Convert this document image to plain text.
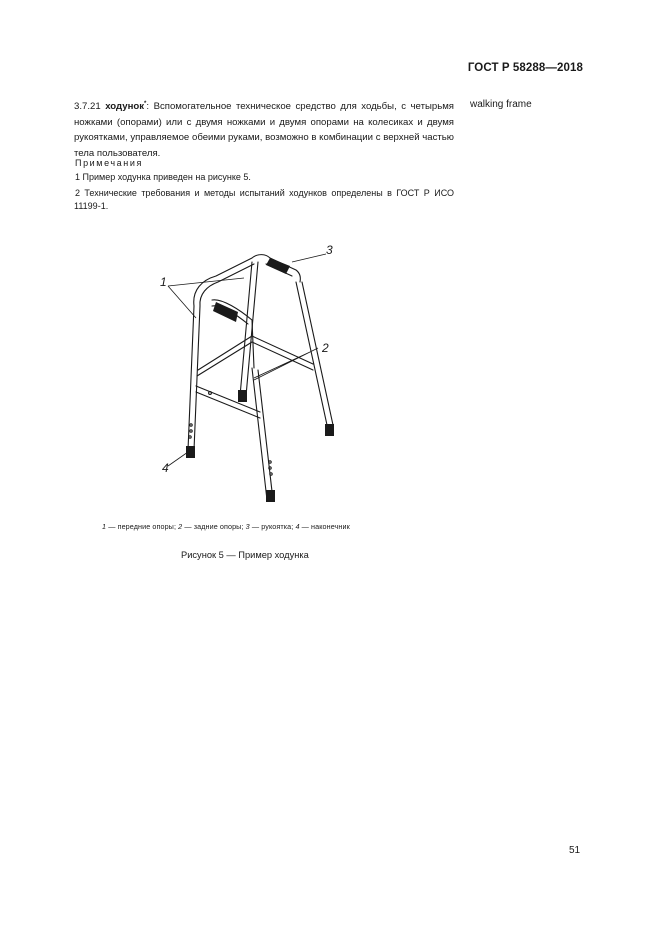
ГОСТ Р 58288—2018

3.7.21 ходунок*: Вспомогательное техническое средство для ходьбы, с четырьмя ножками (опорами) или с двумя ножками и двумя опорами на колесиках и двумя рукоятками, управляемое обеими руками, возможно в комбинации с верхней частью тела пользователя.

walking frame
Примечания

1 Пример ходунка приведен на рисунке 5.

2 Технические требования и методы испытаний ходунков определены в ГОСТ Р ИСО 11199-1.

1
2
3
4
1 — передние опоры; 2 — задние опоры; 3 — рукоятка; 4 — наконечник
Рисунок 5 — Пример ходунка
51
